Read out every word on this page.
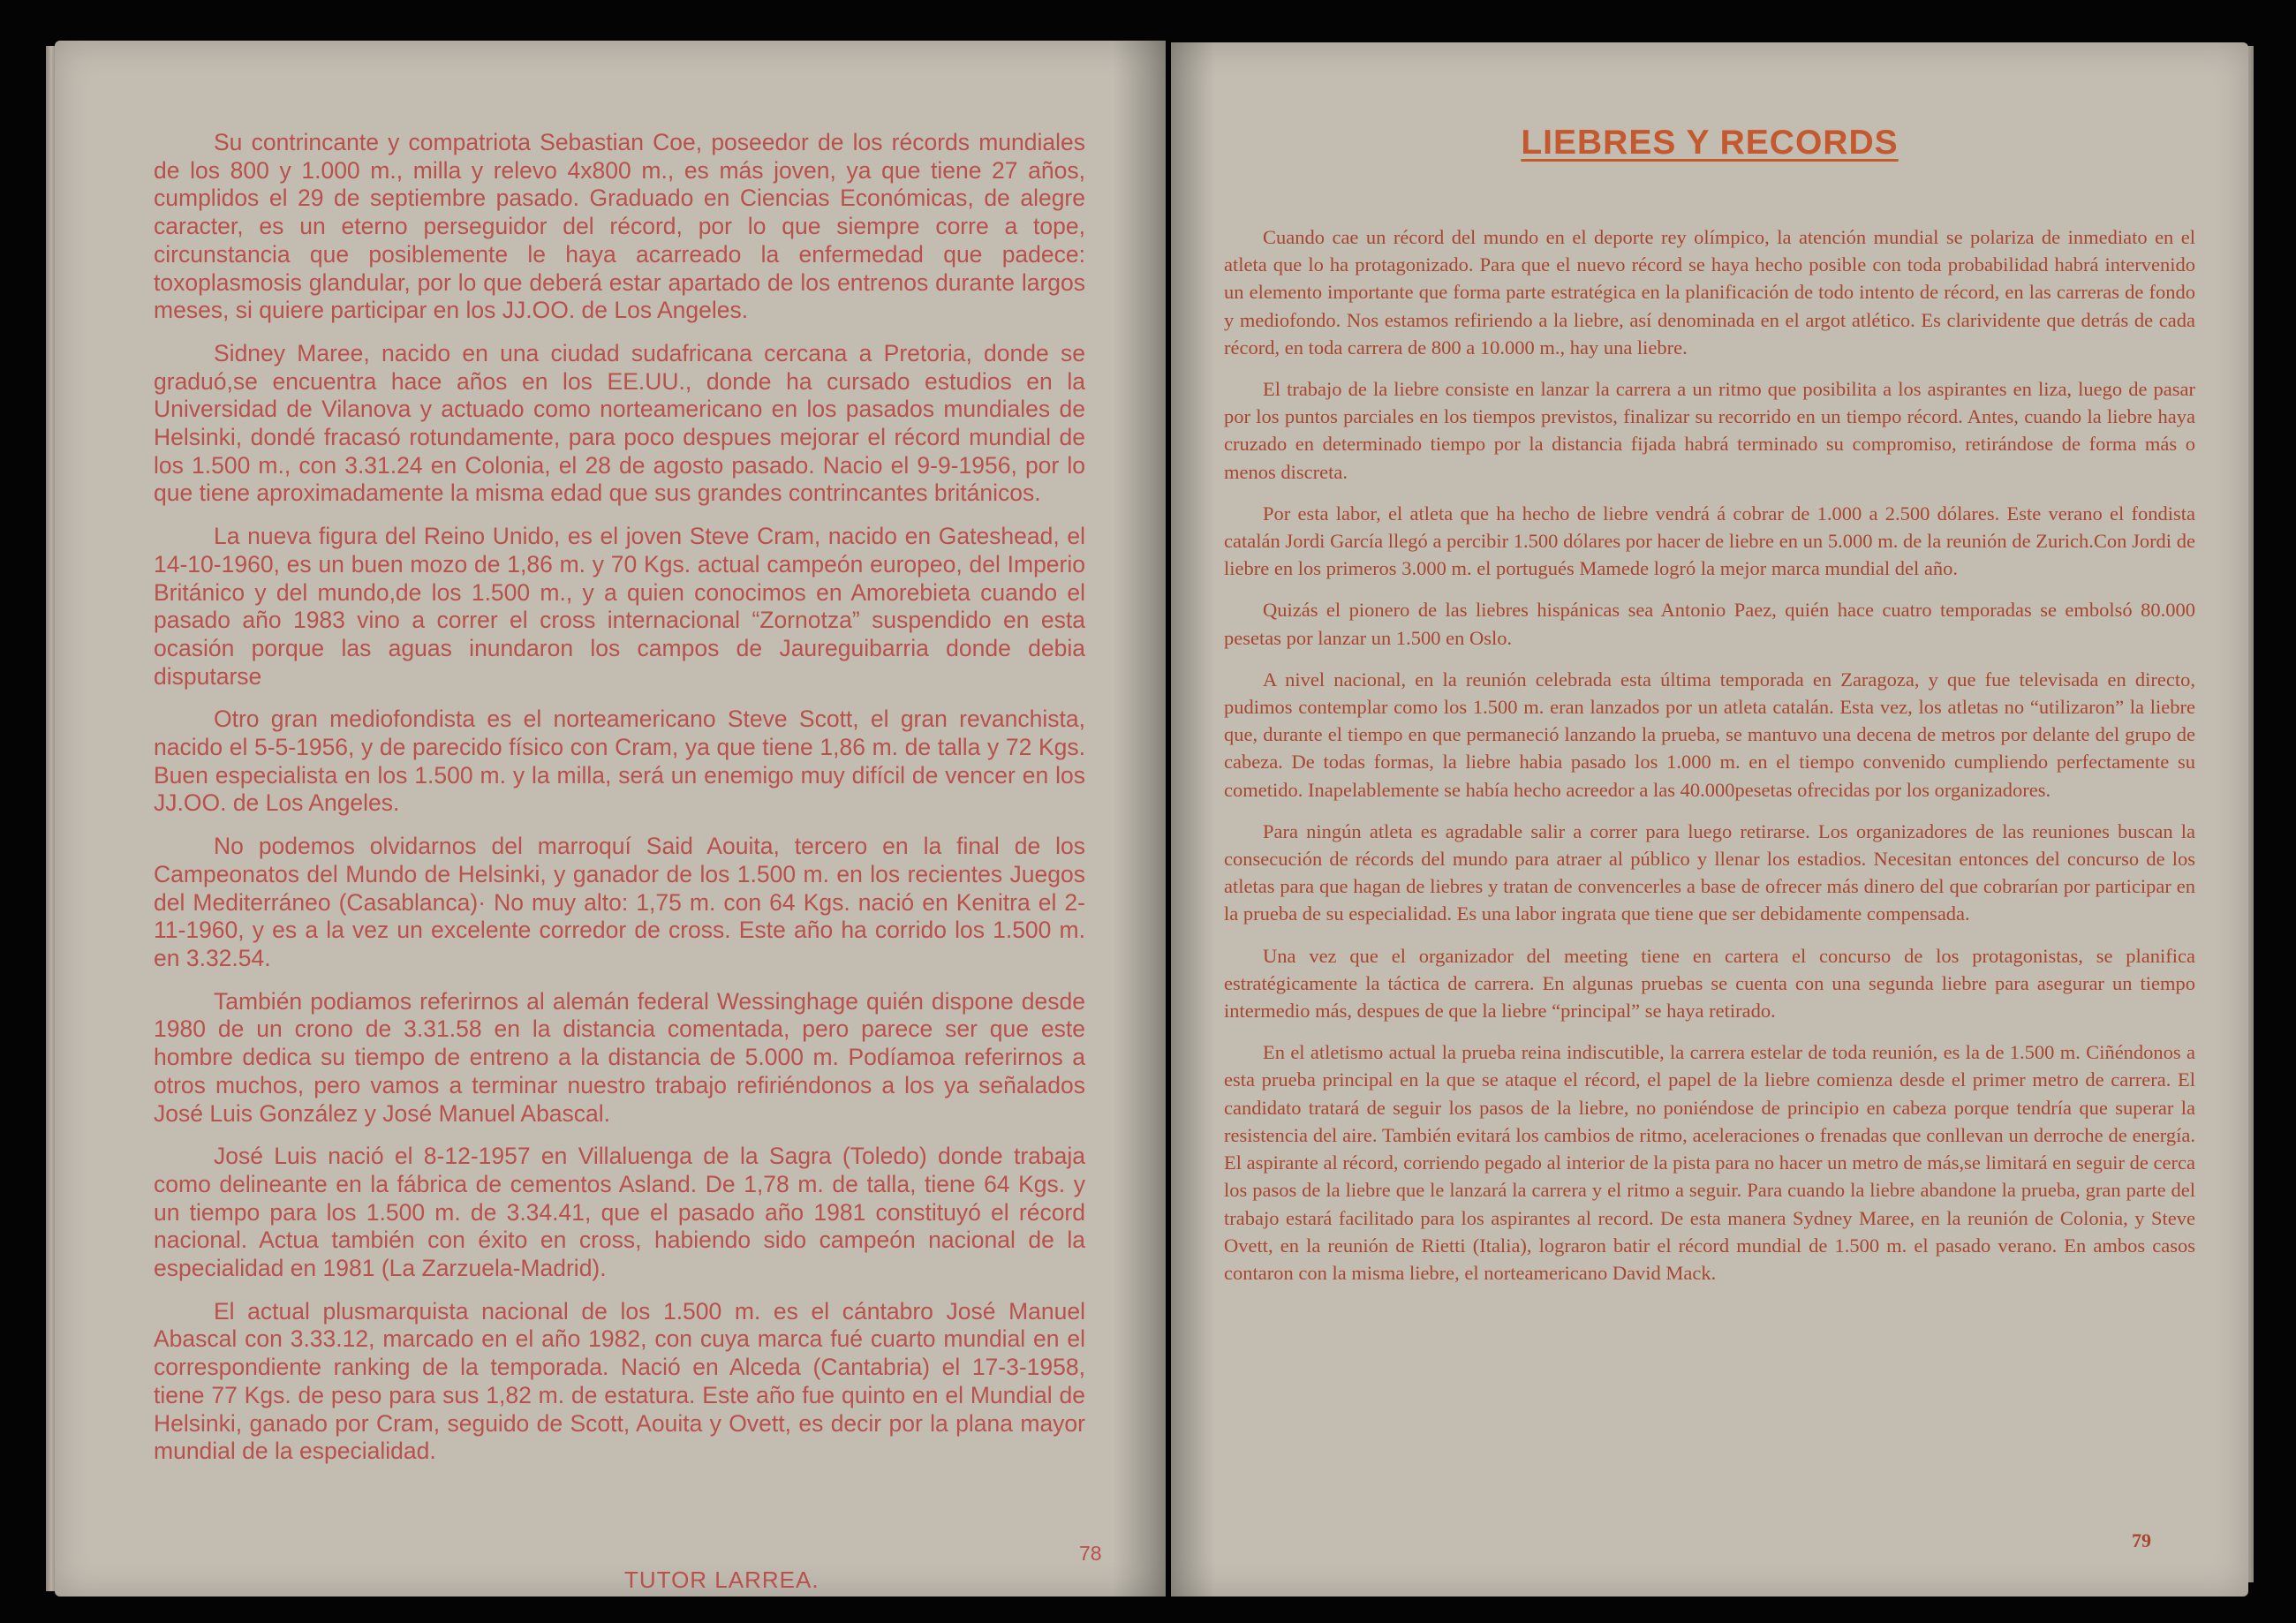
Su contrincante y compatriota Sebastian Coe, poseedor de los récords mundiales de los 800 y 1.000 m., milla y relevo 4x800 m., es más joven, ya que tiene 27 años, cumplidos el 29 de septiembre pasado. Graduado en Ciencias Económicas, de alegre caracter, es un eterno perseguidor del récord, por lo que siempre corre a tope, circunstancia que posiblemente le haya acarreado la enfermedad que padece: toxoplasmosis glandular, por lo que deberá estar apartado de los entrenos durante largos meses, si quiere participar en los JJ.OO. de Los Angeles.

Sidney Maree, nacido en una ciudad sudafricana cercana a Pretoria, donde se graduó,se encuentra hace años en los EE.UU., donde ha cursado estudios en la Universidad de Vilanova y actuado como norteamericano en los pasados mundiales de Helsinki, dondé fracasó rotundamente, para poco despues mejorar el récord mundial de los 1.500 m., con 3.31.24 en Colonia, el 28 de agosto pasado. Nacio el 9-9-1956, por lo que tiene aproximadamente la misma edad que sus grandes contrincantes británicos.

La nueva figura del Reino Unido, es el joven Steve Cram, nacido en Gateshead, el 14-10-1960, es un buen mozo de 1,86 m. y 70 Kgs. actual campeón europeo, del Imperio Británico y del mundo,de los 1.500 m., y a quien conocimos en Amorebieta cuando el pasado año 1983 vino a correr el cross internacional “Zornotza” suspendido en esta ocasión porque las aguas inundaron los campos de Jaureguibarria donde debia disputarse

Otro gran mediofondista es el norteamericano Steve Scott, el gran revanchista, nacido el 5-5-1956, y de parecido físico con Cram, ya que tiene 1,86 m. de talla y 72 Kgs. Buen especialista en los 1.500 m. y la milla, será un enemigo muy difícil de vencer en los JJ.OO. de Los Angeles.

No podemos olvidarnos del marroquí Said Aouita, tercero en la final de los Campeonatos del Mundo de Helsinki, y ganador de los 1.500 m. en los recientes Juegos del Mediterráneo (Casablanca)· No muy alto: 1,75 m. con 64 Kgs. nació en Kenitra el 2-11-1960, y es a la vez un excelente corredor de cross. Este año ha corrido los 1.500 m. en 3.32.54.

También podiamos referirnos al alemán federal Wessinghage quién dispone desde 1980 de un crono de 3.31.58 en la distancia comentada, pero parece ser que este hombre dedica su tiempo de entreno a la distancia de 5.000 m. Podíamoa referirnos a otros muchos, pero vamos a terminar nuestro trabajo refiriéndonos a los ya señalados José Luis González y José Manuel Abascal.

José Luis nació el 8-12-1957 en Villaluenga de la Sagra (Toledo) donde trabaja como delineante en la fábrica de cementos Asland. De 1,78 m. de talla, tiene 64 Kgs. y un tiempo para los 1.500 m. de 3.34.41, que el pasado año 1981 constituyó el récord nacional. Actua también con éxito en cross, habiendo sido campeón nacional de la especialidad en 1981 (La Zarzuela-Madrid).

El actual plusmarquista nacional de los 1.500 m. es el cántabro José Manuel Abascal con 3.33.12, marcado en el año 1982, con cuya marca fué cuarto mundial en el correspondiente ranking de la temporada. Nació en Alceda (Cantabria) el 17-3-1958, tiene 77 Kgs. de peso para sus 1,82 m. de estatura. Este año fue quinto en el Mundial de Helsinki, ganado por Cram, seguido de Scott, Aouita y Ovett, es decir por la plana mayor mundial de la especialidad.

78
TUTOR LARREA.
LIEBRES Y RECORDS

Cuando cae un récord del mundo en el deporte rey olímpico, la atención mundial se polariza de inmediato en el atleta que lo ha protagonizado. Para que el nuevo récord se haya hecho posible con toda probabilidad habrá intervenido un elemento importante que forma parte estratégica en la planificación de todo intento de récord, en las carreras de fondo y mediofondo. Nos estamos refiriendo a la liebre, así denominada en el argot atlético. Es clarividente que detrás de cada récord, en toda carrera de 800 a 10.000 m., hay una liebre.

El trabajo de la liebre consiste en lanzar la carrera a un ritmo que posibilita a los aspirantes en liza, luego de pasar por los puntos parciales en los tiempos previstos, finalizar su recorrido en un tiempo récord. Antes, cuando la liebre haya cruzado en determinado tiempo por la distancia fijada habrá terminado su compromiso, retirándose de forma más o menos discreta.

Por esta labor, el atleta que ha hecho de liebre vendrá á cobrar de 1.000 a 2.500 dólares. Este verano el fondista catalán Jordi García llegó a percibir 1.500 dólares por hacer de liebre en un 5.000 m. de la reunión de Zurich.Con Jordi de liebre en los primeros 3.000 m. el portugués Mamede logró la mejor marca mundial del año.

Quizás el pionero de las liebres hispánicas sea Antonio Paez, quién hace cuatro temporadas se embolsó 80.000 pesetas por lanzar un 1.500 en Oslo.

A nivel nacional, en la reunión celebrada esta última temporada en Zaragoza, y que fue televisada en directo, pudimos contemplar como los 1.500 m. eran lanzados por un atleta catalán. Esta vez, los atletas no “utilizaron” la liebre que, durante el tiempo en que permaneció lanzando la prueba, se mantuvo una decena de metros por delante del grupo de cabeza. De todas formas, la liebre habia pasado los 1.000 m. en el tiempo convenido cumpliendo perfectamente su cometido. Inapelablemente se había hecho acreedor a las 40.000pesetas ofrecidas por los organizadores.

Para ningún atleta es agradable salir a correr para luego retirarse. Los organizadores de las reuniones buscan la consecución de récords del mundo para atraer al público y llenar los estadios. Necesitan entonces del concurso de los atletas para que hagan de liebres y tratan de convencerles a base de ofrecer más dinero del que cobrarían por participar en la prueba de su especialidad. Es una labor ingrata que tiene que ser debidamente compensada.

Una vez que el organizador del meeting tiene en cartera el concurso de los protagonistas, se planifica estratégicamente la táctica de carrera. En algunas pruebas se cuenta con una segunda liebre para asegurar un tiempo intermedio más, despues de que la liebre “principal” se haya retirado.

En el atletismo actual la prueba reina indiscutible, la carrera estelar de toda reunión, es la de 1.500 m. Ciñéndonos a esta prueba principal en la que se ataque el récord, el papel de la liebre comienza desde el primer metro de carrera. El candidato tratará de seguir los pasos de la liebre, no poniéndose de principio en cabeza porque tendría que superar la resistencia del aire. También evitará los cambios de ritmo, aceleraciones o frenadas que conllevan un derroche de energía. El aspirante al récord, corriendo pegado al interior de la pista para no hacer un metro de más,se limitará en seguir de cerca los pasos de la liebre que le lanzará la carrera y el ritmo a seguir. Para cuando la liebre abandone la prueba, gran parte del trabajo estará facilitado para los aspirantes al record. De esta manera Sydney Maree, en la reunión de Colonia, y Steve Ovett, en la reunión de Rietti (Italia), lograron batir el récord mundial de 1.500 m. el pasado verano. En ambos casos contaron con la misma liebre, el norteamericano David Mack.

79
